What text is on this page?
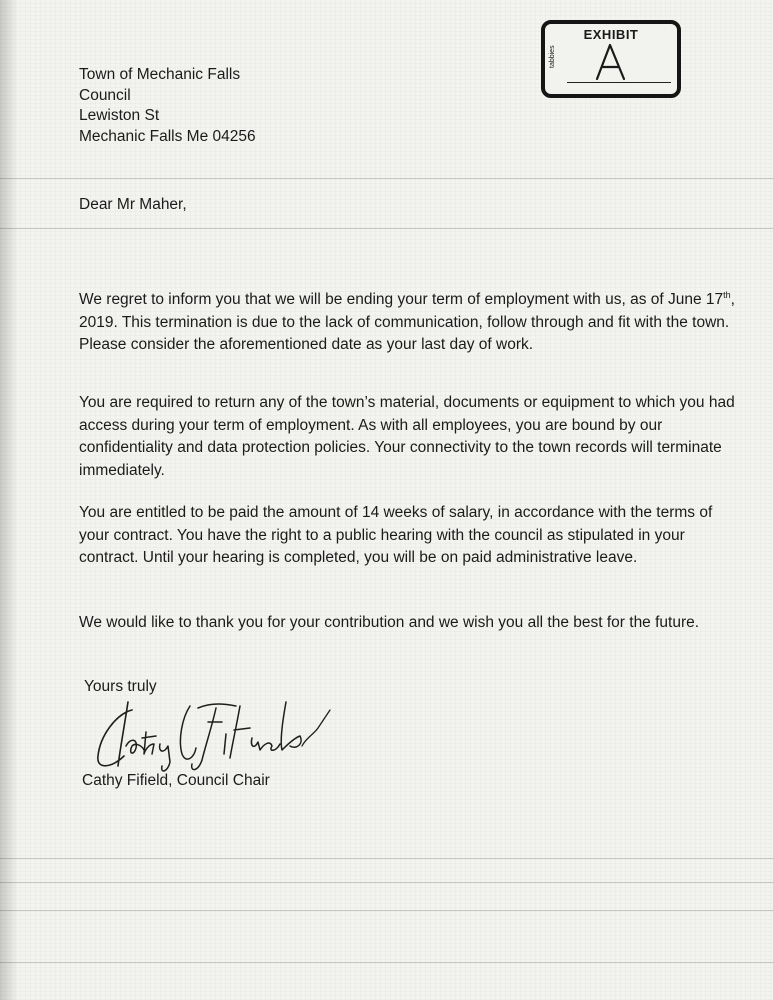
EXHIBIT
tabbies
Town of Mechanic Falls
Council
Lewiston St
Mechanic Falls Me 04256
Dear Mr Maher,

We regret to inform you that we will be ending your term of employment with us, as of June 17th, 2019. This termination is due to the lack of communication, follow through and fit with the town. Please consider the aforementioned date as your last day of work.

You are required to return any of the town’s material, documents or equipment to which you had access during your term of employment. As with all employees, you are bound by our confidentiality and data protection policies. Your connectivity to the town records will terminate immediately.

You are entitled to be paid the amount of 14 weeks of salary, in accordance with the terms of your contract. You have the right to a public hearing with the council as stipulated in your contract. Until your hearing is completed, you will be on paid administrative leave.

We would like to thank you for your contribution and we wish you all the best for the future.

Yours truly
Cathy Fifield, Council Chair
